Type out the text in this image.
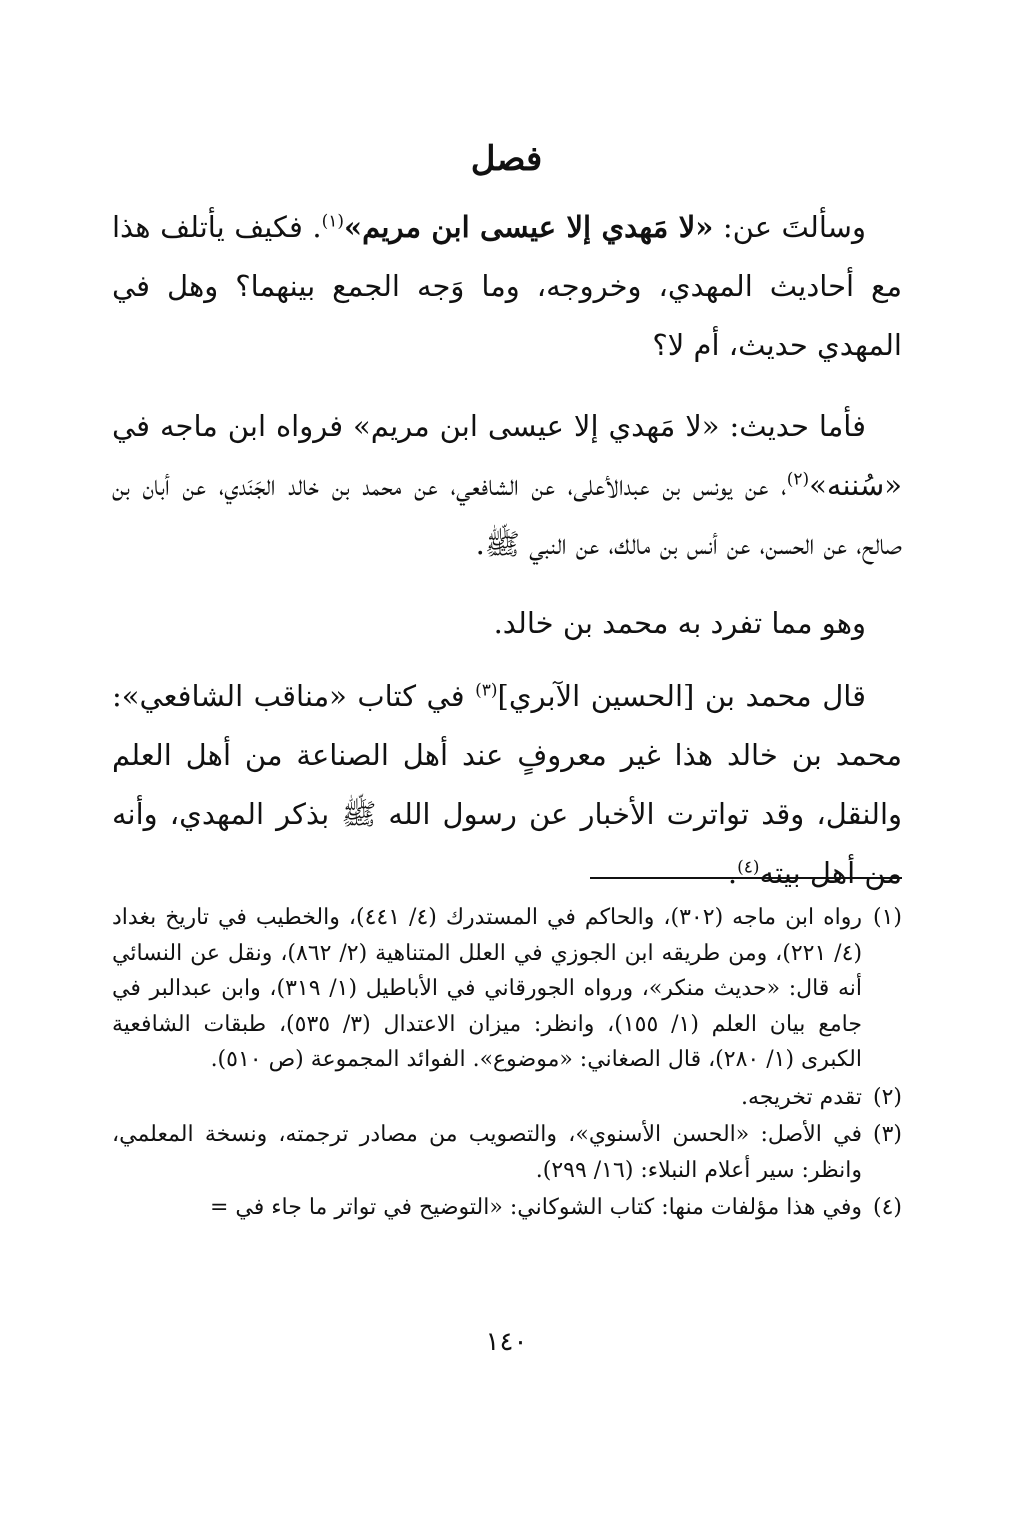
فصل

وسألتَ عن: «لا مَهدي إلا عيسى ابن مريم»$^{(١)}$. فكيف يأتلف هذا مع أحاديث المهدي، وخروجه، وما وَجه الجمع بينهما؟ وهل في المهدي حديث، أم لا؟

فأما حديث: «لا مَهدي إلا عيسى ابن مريم» فرواه ابن ماجه في «سُننه»$^{(٢)}$، عن يونس بن عبدالأعلى، عن الشافعي، عن محمد بن خالد الجَنَدي، عن أبان بن صالح، عن الحسن، عن أنس بن مالك، عن النبي ﷺ.

وهو مما تفرد به محمد بن خالد.

قال محمد بن [الحسين الآبري]$^{(٣)}$ في كتاب «مناقب الشافعي»: محمد بن خالد هذا غير معروفٍ عند أهل الصناعة من أهل العلم والنقل، وقد تواترت الأخبار عن رسول الله ﷺ بذكر المهدي، وأنه من أهل بيته$^{(٤)}$.

(١)
رواه ابن ماجه (٣٠٢)، والحاكم في المستدرك (٤/ ٤٤١)، والخطيب في تاريخ بغداد (٤/ ٢٢١)، ومن طريقه ابن الجوزي في العلل المتناهية (٢/ ٨٦٢)، ونقل عن النسائي أنه قال: «حديث منكر»، ورواه الجورقاني في الأباطيل (١/ ٣١٩)، وابن عبدالبر في جامع بيان العلم (١/ ١٥٥)، وانظر: ميزان الاعتدال (٣/ ٥٣٥)، طبقات الشافعية الكبرى (١/ ٢٨٠)، قال الصغاني: «موضوع». الفوائد المجموعة (ص ٥١٠).
(٢)
تقدم تخريجه.
(٣)
في الأصل: «الحسن الأسنوي»، والتصويب من مصادر ترجمته، ونسخة المعلمي، وانظر: سير أعلام النبلاء: (١٦/ ٢٩٩).
(٤)
وفي هذا مؤلفات منها: كتاب الشوكاني: «التوضيح في تواتر ما جاء في =
١٤٠
